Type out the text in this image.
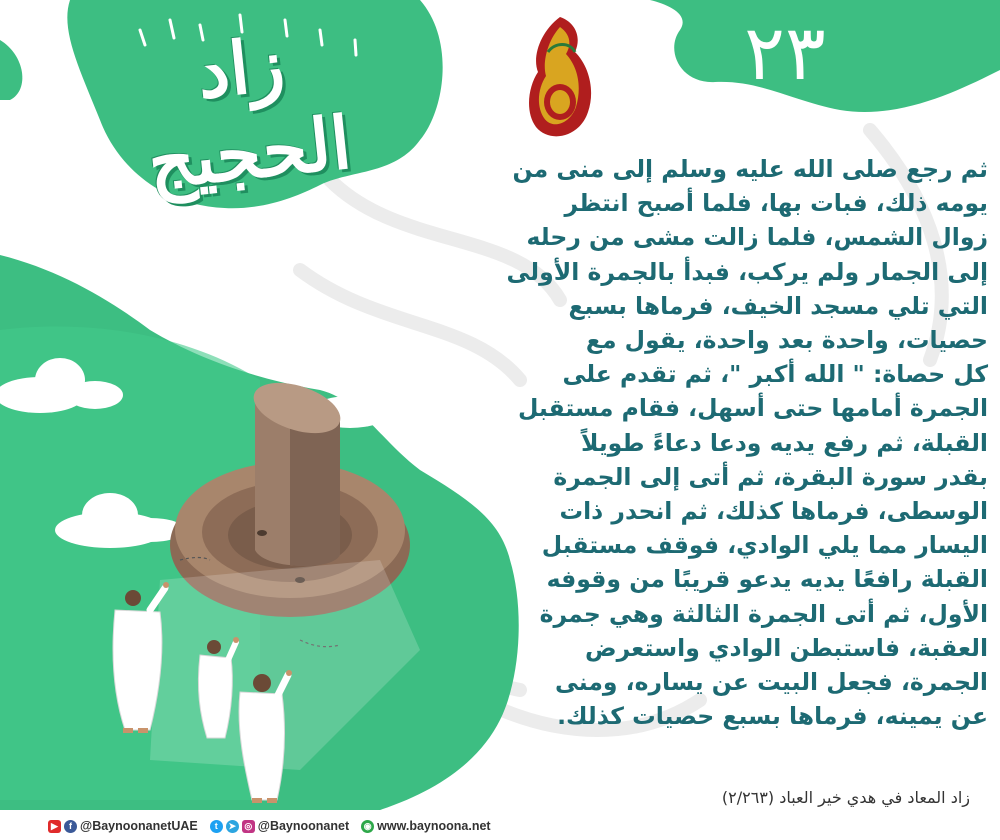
زاد الحجيج
٢٣
ثم رجع صلى الله عليه وسلم إلى منى من
يومه ذلك، فبات بها، فلما أصبح انتظر
زوال الشمس، فلما زالت مشى من رحله
إلى الجمار ولم يركب، فبدأ بالجمرة الأولى
التي تلي مسجد الخيف، فرماها بسبع
حصيات، واحدة بعد واحدة، يقول مع
كل حصاة: " الله أكبر "، ثم تقدم على
الجمرة أمامها حتى أسهل، فقام مستقبل
القبلة، ثم رفع يديه ودعا دعاءً طويلاً
بقدر سورة البقرة، ثم أتى إلى الجمرة
الوسطى، فرماها كذلك، ثم انحدر ذات
اليسار مما يلي الوادي، فوقف مستقبل
القبلة رافعًا يديه يدعو قريبًا من وقوفه
الأول، ثم أتى الجمرة الثالثة وهي جمرة
العقبة، فاستبطن الوادي واستعرض
الجمرة، فجعل البيت عن يساره، ومنى
عن يمينه، فرماها بسبع حصيات كذلك.
زاد المعاد في هدي خير العباد (٢/٢٦٣)
▶	f @BaynoonanetUAE	t	➤ ◎ @Baynoonanet ◉ www.baynoona.net
